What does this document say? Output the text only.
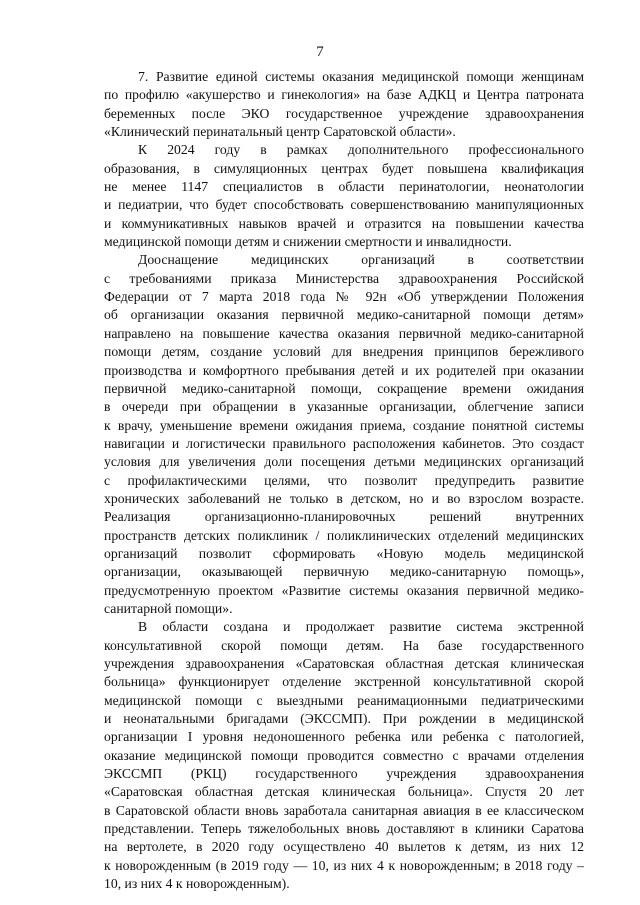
7
7. Развитие единой системы оказания медицинской помощи женщинам
по профилю «акушерство и гинекология» на базе АДКЦ и Центра патроната
беременных после ЭКО государственное учреждение здравоохранения
«Клинический перинатальный центр Саратовской области».
К 2024 году в рамках дополнительного профессионального
образования, в симуляционных центрах будет повышена квалификация
не менее 1147 специалистов в области перинатологии, неонатологии
и педиатрии, что будет способствовать совершенствованию манипуляционных
и коммуникативных навыков врачей и отразится на повышении качества
медицинской помощи детям и снижении смертности и инвалидности.
Дооснащение медицинских организаций в соответствии
с требованиями приказа Министерства здравоохранения Российской
Федерации от 7 марта 2018 года № 92н «Об утверждении Положения
об организации оказания первичной медико-санитарной помощи детям»
направлено на повышение качества оказания первичной медико-санитарной
помощи детям, создание условий для внедрения принципов бережливого
производства и комфортного пребывания детей и их родителей при оказании
первичной медико-санитарной помощи, сокращение времени ожидания
в очереди при обращении в указанные организации, облегчение записи
к врачу, уменьшение времени ожидания приема, создание понятной системы
навигации и логистически правильного расположения кабинетов. Это создаст
условия для увеличения доли посещения детьми медицинских организаций
с профилактическими целями, что позволит предупредить развитие
хронических заболеваний не только в детском, но и во взрослом возрасте.
Реализация организационно-планировочных решений внутренних
пространств детских поликлиник / поликлинических отделений медицинских
организаций позволит сформировать «Новую модель медицинской
организации, оказывающей первичную медико-санитарную помощь»,
предусмотренную проектом «Развитие системы оказания первичной медико-
санитарной помощи».
В области создана и продолжает развитие система экстренной
консультативной скорой помощи детям. На базе государственного
учреждения здравоохранения «Саратовская областная детская клиническая
больница» функционирует отделение экстренной консультативной скорой
медицинской помощи с выездными реанимационными педиатрическими
и неонатальными бригадами (ЭКССМП). При рождении в медицинской
организации I уровня недоношенного ребенка или ребенка с патологией,
оказание медицинской помощи проводится совместно с врачами отделения
ЭКССМП (РКЦ) государственного учреждения здравоохранения
«Саратовская областная детская клиническая больница». Спустя 20 лет
в Саратовской области вновь заработала санитарная авиация в ее классическом
представлении. Теперь тяжелобольных вновь доставляют в клиники Саратова
на вертолете, в 2020 году осуществлено 40 вылетов к детям, из них 12
к новорожденным (в 2019 году — 10, из них 4 к новорожденным; в 2018 году –
10, из них 4 к новорожденным).
